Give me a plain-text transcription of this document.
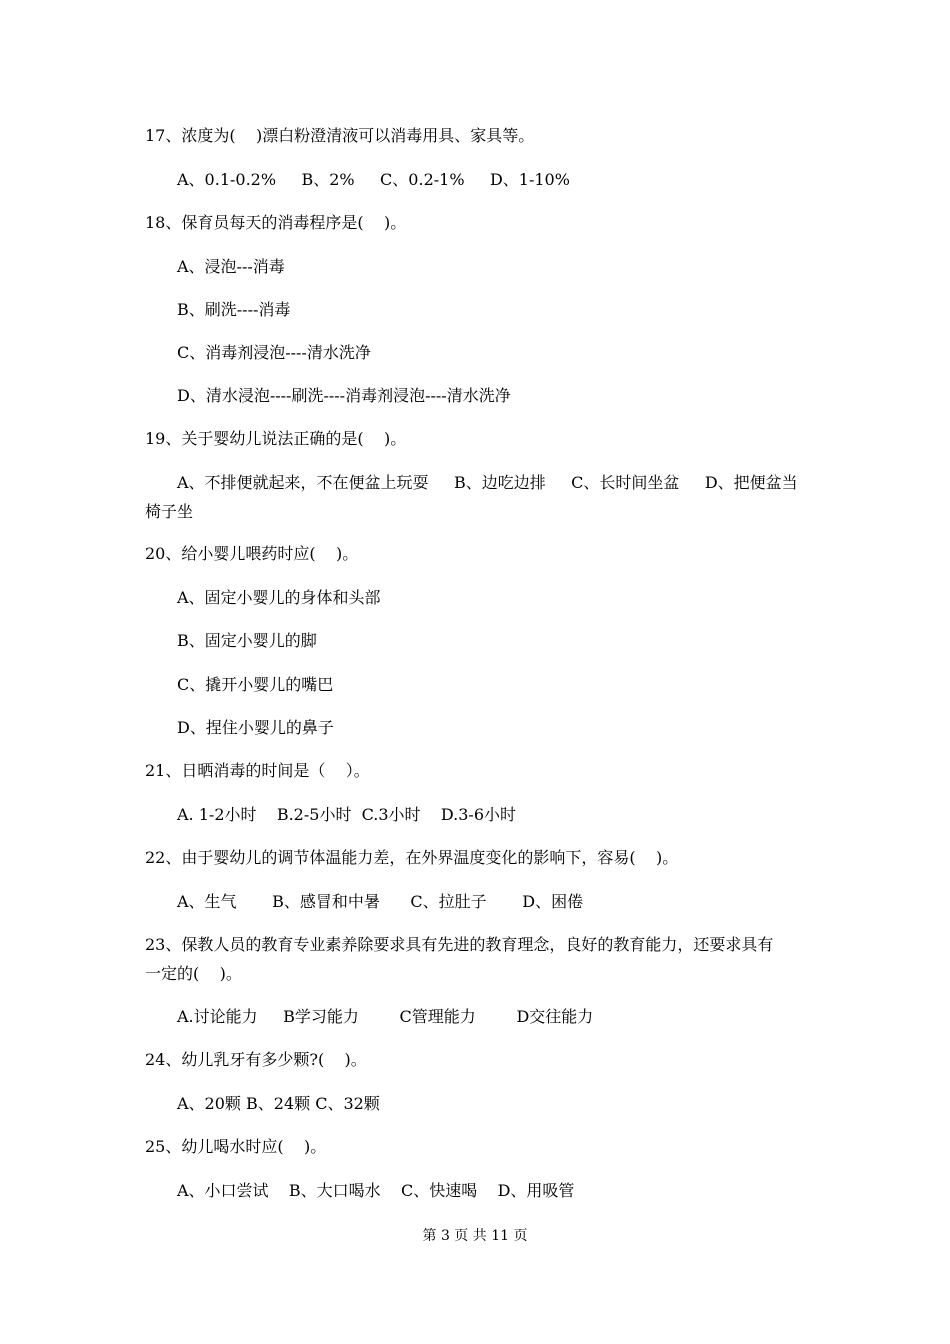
17、浓度为(    )漂白粉澄清液可以消毒用具、家具等。
A、0.1-0.2%     B、2%     C、0.2-1%     D、1-10%
18、保育员每天的消毒程序是(    )。
A、浸泡---消毒
B、刷洗----消毒
C、消毒剂浸泡----清水洗净
D、清水浸泡----刷洗----消毒剂浸泡----清水洗净
19、关于婴幼儿说法正确的是(    )。
A、不排便就起来，不在便盆上玩耍     B、边吃边排     C、长时间坐盆     D、把便盆当
椅子坐
20、给小婴儿喂药时应(    )。
A、固定小婴儿的身体和头部
B、固定小婴儿的脚
C、撬开小婴儿的嘴巴
D、捏住小婴儿的鼻子
21、日晒消毒的时间是（    ）。
A. 1-2小时    B.2-5小时  C.3小时    D.3-6小时
22、由于婴幼儿的调节体温能力差，在外界温度变化的影响下，容易(    )。
A、生气       B、感冒和中暑      C、拉肚子       D、困倦
23、保教人员的教育专业素养除要求具有先进的教育理念，良好的教育能力，还要求具有
一定的(    )。
A.讨论能力     B学习能力        C管理能力        D交往能力
24、幼儿乳牙有多少颗?(    )。
A、20颗 B、24颗 C、32颗
25、幼儿喝水时应(    )。
A、小口尝试    B、大口喝水    C、快速喝    D、用吸管
第 3 页 共 11 页
